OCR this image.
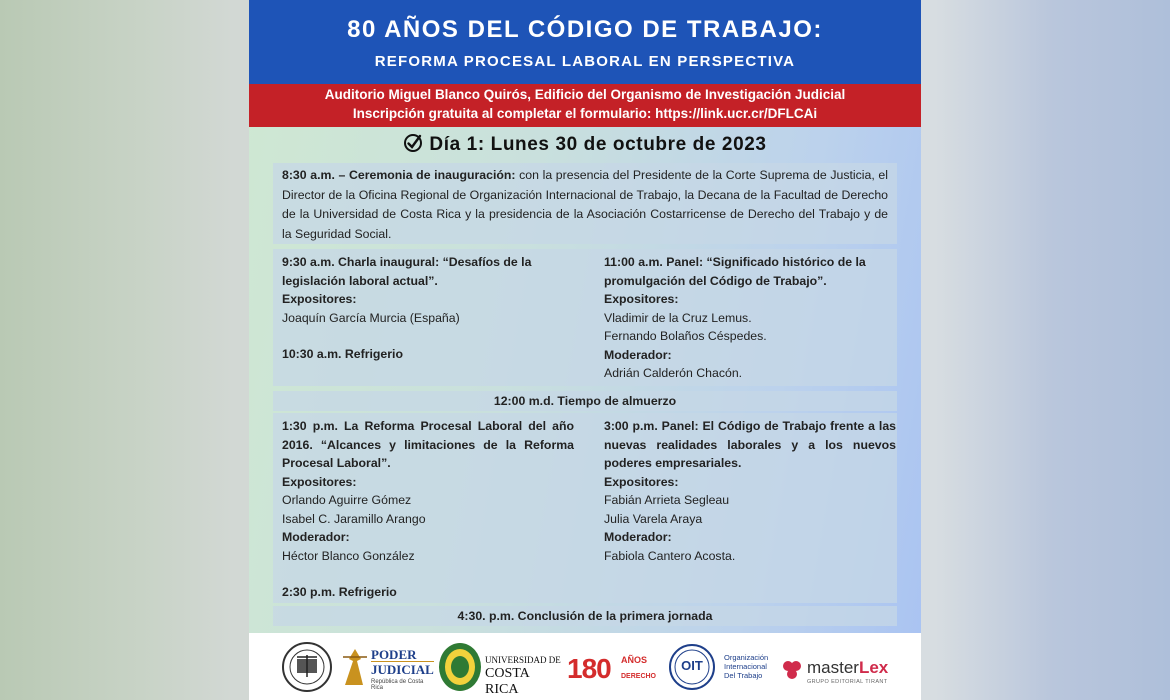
80 AÑOS DEL CÓDIGO DE TRABAJO:
REFORMA PROCESAL LABORAL EN PERSPECTIVA
Auditorio Miguel Blanco Quirós, Edificio del Organismo de Investigación Judicial
Inscripción gratuita al completar el formulario: https://link.ucr.cr/DFLCAi
Día 1: Lunes 30 de octubre de 2023

8:30 a.m. – Ceremonia de inauguración: con la presencia del Presidente de la Corte Suprema de Justicia, el Director de la Oficina Regional de Organización Internacional de Trabajo, la Decana de la Facultad de Derecho de la Universidad de Costa Rica y la presidencia de la Asociación Costarricense de Derecho del Trabajo y de la Seguridad Social.

9:30 a.m. Charla inaugural: “Desafíos de la legislación laboral actual”.
Expositores:
Joaquín García Murcia (España)
10:30 a.m. Refrigerio
11:00 a.m. Panel: “Significado histórico de la promulgación del Código de Trabajo”.
Expositores:
Vladimir de la Cruz Lemus.
Fernando Bolaños Céspedes.
Moderador:
Adrián Calderón Chacón.
12:00 m.d. Tiempo de almuerzo
1:30 p.m. La Reforma Procesal Laboral del año 2016. “Alcances y limitaciones de la Reforma Procesal Laboral”.
Expositores:
Orlando Aguirre Gómez
Isabel C. Jaramillo Arango
Moderador:
Héctor Blanco González
2:30 p.m. Refrigerio
3:00 p.m. Panel: El Código de Trabajo frente a las nuevas realidades laborales y a los nuevos poderes empresariales.
Expositores:
Fabián Arrieta Segleau
Julia Varela Araya
Moderador:
Fabiola Cantero Acosta.
4:30. p.m. Conclusión de la primera jornada
PODER
JUDICIAL
República de Costa Rica
UNIVERSIDAD DE
COSTA RICA
180 AÑOS
DERECHO
OIT
Organización
Internacional
Del Trabajo	masterLex
GRUPO EDITORIAL TIRANT
